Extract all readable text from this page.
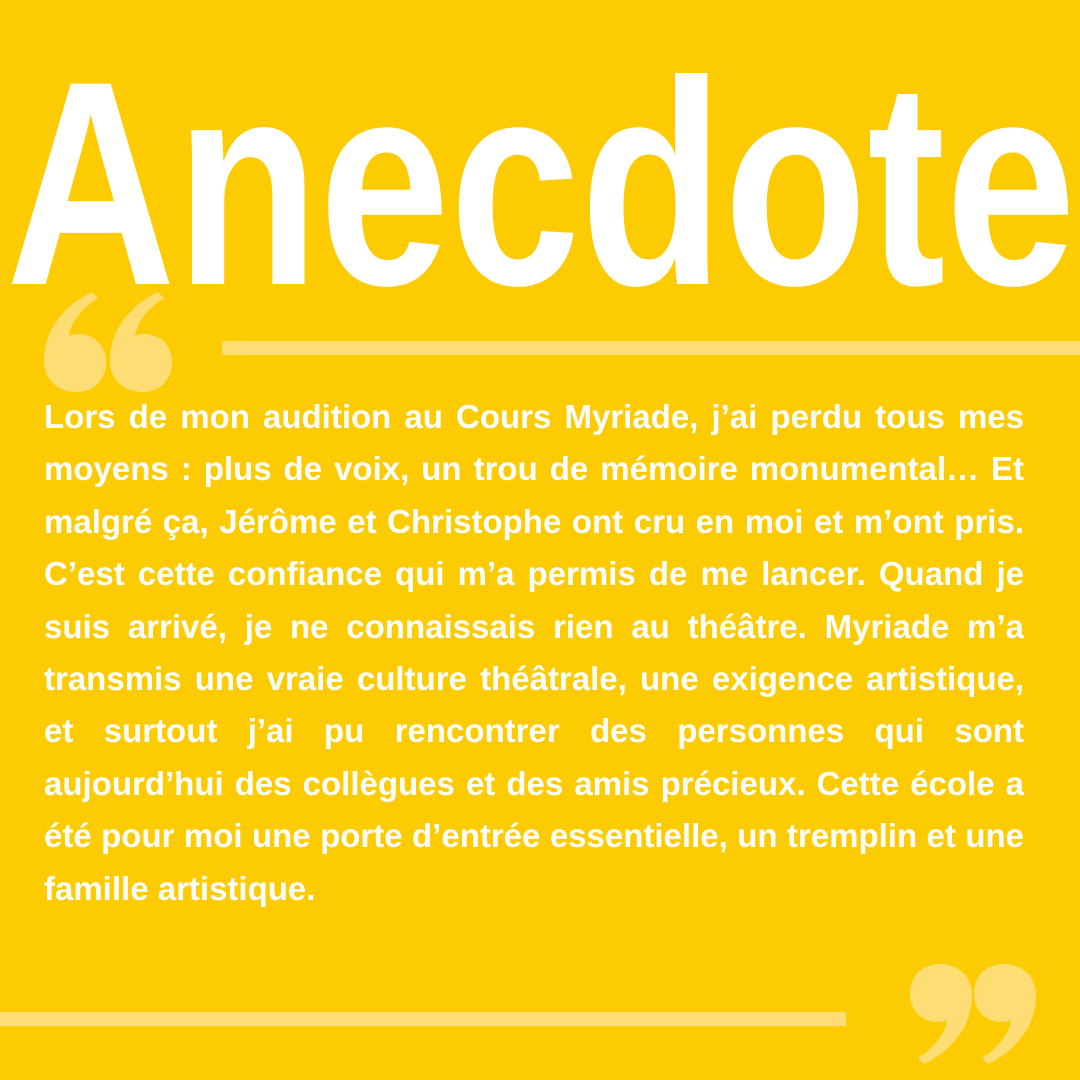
Anecdote

Lors de mon audition au Cours Myriade, j’ai perdu tous mes moyens : plus de voix, un trou de mémoire monumental… Et malgré ça, Jérôme et Christophe ont cru en moi et m’ont pris. C’est cette confiance qui m’a permis de me lancer. Quand je suis arrivé, je ne connaissais rien au théâtre. Myriade m’a transmis une vraie culture théâtrale, une exigence artistique, et surtout j’ai pu rencontrer des personnes qui sont aujourd’hui des collègues et des amis précieux. Cette école a été pour moi une porte d’entrée essentielle, un tremplin et une famille artistique.
